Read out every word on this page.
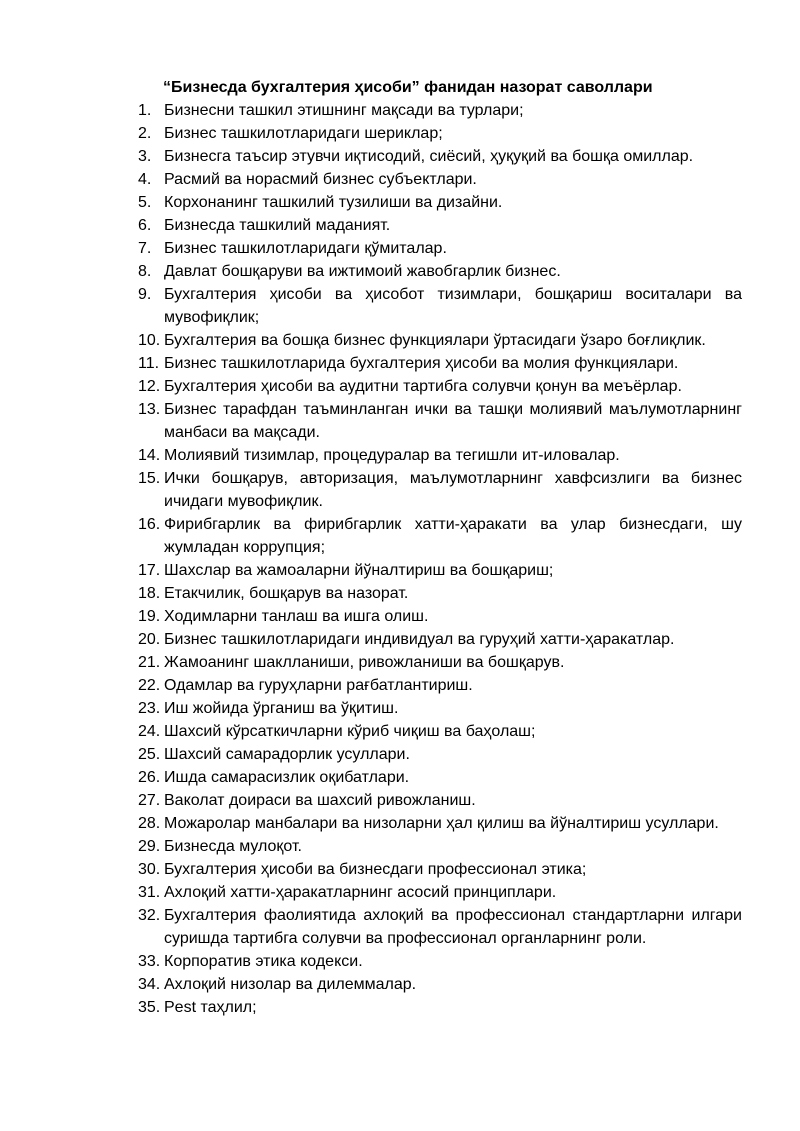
“Бизнесда бухгалтерия ҳисоби” фанидан назорат саволлари
1. Бизнесни ташкил этишнинг мақсади ва турлари;
2. Бизнес ташкилотларидаги шериклар;
3. Бизнесга таъсир этувчи иқтисодий, сиёсий, ҳуқуқий ва бошқа омиллар.
4. Расмий ва норасмий бизнес субъектлари.
5. Корхонанинг ташкилий тузилиши ва дизайни.
6. Бизнесда ташкилий маданият.
7. Бизнес ташкилотларидаги қўмиталар.
8. Давлат бошқаруви ва ижтимоий жавобгарлик бизнес.
9. Бухгалтерия ҳисоби ва ҳисобот тизимлари, бошқариш воситалари ва мувофиқлик;
10. Бухгалтерия ва бошқа бизнес функциялари ўртасидаги ўзаро боғлиқлик.
11. Бизнес ташкилотларида бухгалтерия ҳисоби ва молия функциялари.
12. Бухгалтерия ҳисоби ва аудитни тартибга солувчи қонун ва меъёрлар.
13. Бизнес тарафдан таъминланган ички ва ташқи молиявий маълумотларнинг манбаси ва мақсади.
14. Молиявий тизимлар, процедуралар ва тегишли ит-иловалар.
15. Ички бошқарув, авторизация, маълумотларнинг хавфсизлиги ва бизнес ичидаги мувофиқлик.
16. Фирибгарлик ва фирибгарлик хатти-ҳаракати ва улар бизнесдаги, шу жумладан коррупция;
17. Шахслар ва жамоаларни йўналтириш ва бошқариш;
18. Етакчилик, бошқарув ва назорат.
19. Ходимларни танлаш ва ишга олиш.
20. Бизнес ташкилотларидаги индивидуал ва гуруҳий хатти-ҳаракатлар.
21. Жамоанинг шаклланиши, ривожланиши ва бошқарув.
22. Одамлар ва гуруҳларни рағбатлантириш.
23. Иш жойида ўрганиш ва ўқитиш.
24. Шахсий кўрсаткичларни кўриб чиқиш ва баҳолаш;
25. Шахсий самарадорлик усуллари.
26. Ишда самарасизлик оқибатлари.
27. Ваколат доираси ва шахсий ривожланиш.
28. Можаролар манбалари ва низоларни ҳал қилиш ва йўналтириш усуллари.
29. Бизнесда мулоқот.
30. Бухгалтерия ҳисоби ва бизнесдаги профессионал этика;
31. Ахлоқий хатти-ҳаракатларнинг асосий принциплари.
32. Бухгалтерия фаолиятида ахлоқий ва профессионал стандартларни илгари суришда тартибга солувчи ва профессионал органларнинг роли.
33. Корпоратив этика кодекси.
34. Ахлоқий низолар ва дилеммалар.
35. Pest таҳлил;
